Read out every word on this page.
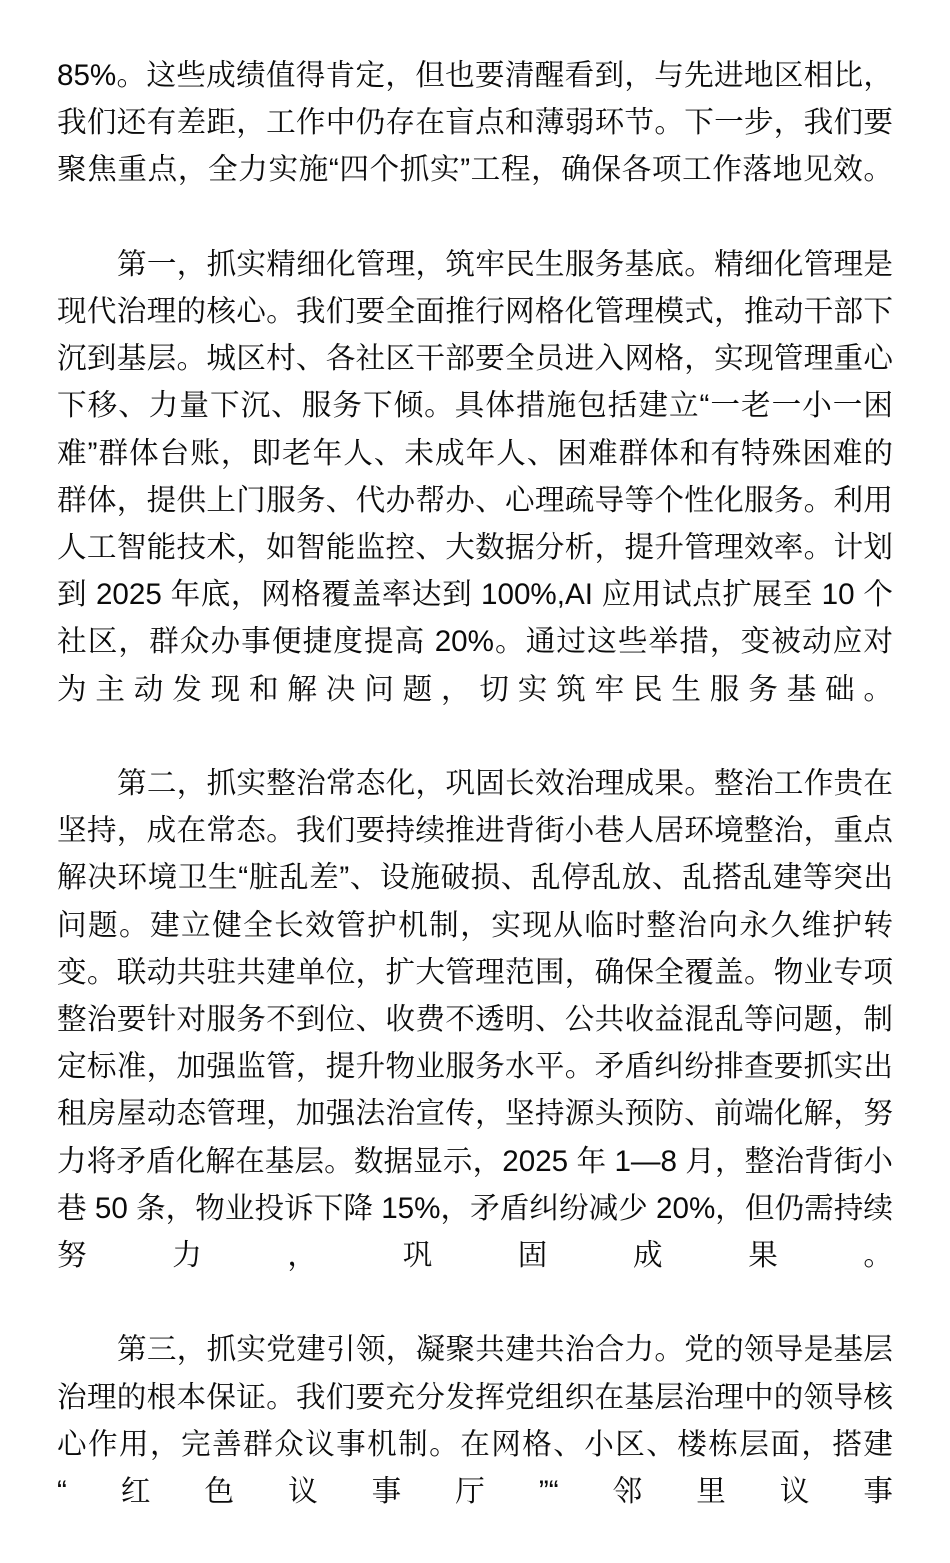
85%。这些成绩值得肯定，但也要清醒看到，与先进地区相比，我们还有差距，工作中仍存在盲点和薄弱环节。下一步，我们要聚焦重点，全力实施“四个抓实”工程，确保各项工作落地见效。

第一，抓实精细化管理，筑牢民生服务基底。精细化管理是现代治理的核心。我们要全面推行网格化管理模式，推动干部下沉到基层。城区村、各社区干部要全员进入网格，实现管理重心下移、力量下沉、服务下倾。具体措施包括建立“一老一小一困难”群体台账，即老年人、未成年人、困难群体和有特殊困难的群体，提供上门服务、代办帮办、心理疏导等个性化服务。利用人工智能技术，如智能监控、大数据分析，提升管理效率。计划到 2025 年底，网格覆盖率达到 100%,AI 应用试点扩展至 10 个社区，群众办事便捷度提高 20%。通过这些举措，变被动应对为主动发现和解决问题，切实筑牢民生服务基础。

第二，抓实整治常态化，巩固长效治理成果。整治工作贵在坚持，成在常态。我们要持续推进背街小巷人居环境整治，重点解决环境卫生“脏乱差”、设施破损、乱停乱放、乱搭乱建等突出问题。建立健全长效管护机制，实现从临时整治向永久维护转变。联动共驻共建单位，扩大管理范围，确保全覆盖。物业专项整治要针对服务不到位、收费不透明、公共收益混乱等问题，制定标准，加强监管，提升物业服务水平。矛盾纠纷排查要抓实出租房屋动态管理，加强法治宣传，坚持源头预防、前端化解，努力将矛盾化解在基层。数据显示，2025 年 1—8 月，整治背街小巷 50 条，物业投诉下降 15%，矛盾纠纷减少 20%，但仍需持续努力，巩固成果。

第三，抓实党建引领，凝聚共建共治合力。党的领导是基层治理的根本保证。我们要充分发挥党组织在基层治理中的领导核心作用，完善群众议事机制。在网格、小区、楼栋层面，搭建“红色议事厅”“邻里议事
